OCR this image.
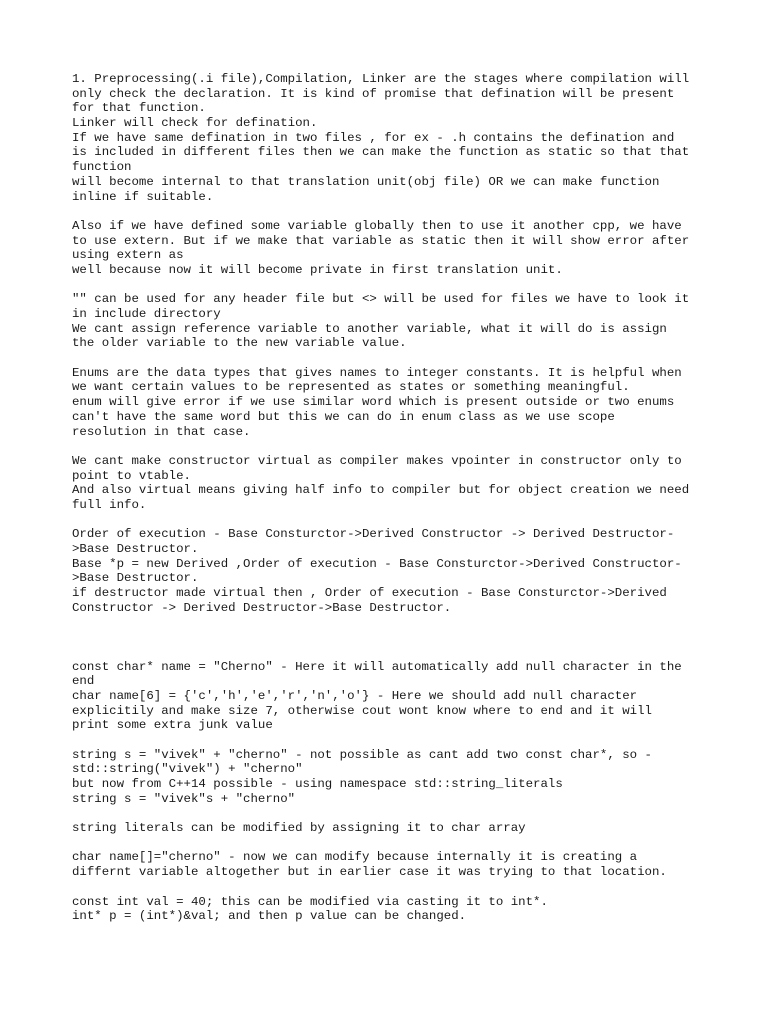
1. Preprocessing(.i file),Compilation, Linker are the stages where compilation will
only check the declaration. It is kind of promise that defination will be present
for that function.
Linker will check for defination.
If we have same defination in two files , for ex - .h contains the defination and
is included in different files then we can make the function as static so that that
function
will become internal to that translation unit(obj file) OR we can make function
inline if suitable.
Also if we have defined some variable globally then to use it another cpp, we have
to use extern. But if we make that variable as static then it will show error after
using extern as
well because now it will become private in first translation unit.
"" can be used for any header file but <> will be used for files we have to look it
in include directory
We cant assign reference variable to another variable, what it will do is assign
the older variable to the new variable value.
Enums are the data types that gives names to integer constants. It is helpful when
we want certain values to be represented as states or something meaningful.
enum will give error if we use similar word which is present outside or two enums
can't have the same word but this we can do in enum class as we use scope
resolution in that case.
We cant make constructor virtual as compiler makes vpointer in constructor only to
point to vtable.
And also virtual means giving half info to compiler but for object creation we need
full info.
Order of execution - Base Consturctor->Derived Constructor -> Derived Destructor-
>Base Destructor.
Base *p = new Derived ,Order of execution - Base Consturctor->Derived Constructor-
>Base Destructor.
if destructor made virtual then , Order of execution - Base Consturctor->Derived
Constructor -> Derived Destructor->Base Destructor.
const char* name = "Cherno" - Here it will automatically add null character in the
end
char name[6] = {'c','h','e','r','n','o'} - Here we should add null character
explicitily and make size 7, otherwise cout wont know where to end and it will
print some extra junk value
string s = "vivek" + "cherno" - not possible as cant add two const char*, so -
std::string("vivek") + "cherno"
but now from C++14 possible - using namespace std::string_literals
string s = "vivek"s + "cherno"
string literals can be modified by assigning it to char array
char name[]="cherno" - now we can modify because internally it is creating a
differnt variable altogether but in earlier case it was trying to that location.
const int val = 40; this can be modified via casting it to int*.
int* p = (int*)&val; and then p value can be changed.
